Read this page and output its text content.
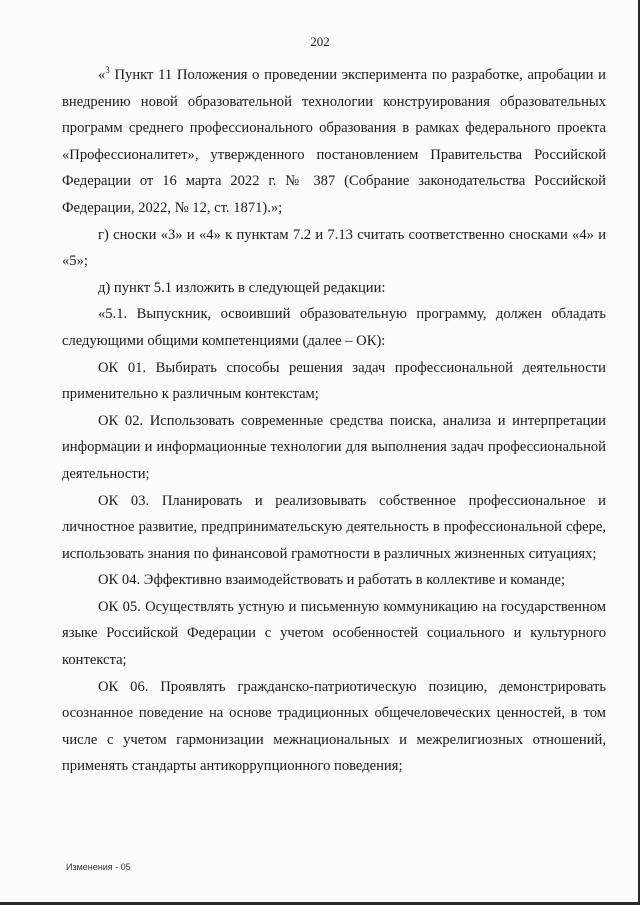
202

«$^3$ Пункт 11 Положения о проведении эксперимента по разработке, апробации и внедрению новой образовательной технологии конструирования образовательных программ среднего профессионального образования в рамках федерального проекта «Профессионалитет», утвержденного постановлением Правительства Российской Федерации от 16 марта 2022 г. № 387 (Собрание законодательства Российской Федерации, 2022, № 12, ст. 1871).»;

г) сноски «3» и «4» к пунктам 7.2 и 7.13 считать соответственно сносками «4» и «5»;

д) пункт 5.1 изложить в следующей редакции:

«5.1. Выпускник, освоивший образовательную программу, должен обладать следующими общими компетенциями (далее – ОК):

ОК 01. Выбирать способы решения задач профессиональной деятельности применительно к различным контекстам;

ОК 02. Использовать современные средства поиска, анализа и интерпретации информации и информационные технологии для выполнения задач профессиональной деятельности;

ОК 03. Планировать и реализовывать собственное профессиональное и личностное развитие, предпринимательскую деятельность в профессиональной сфере, использовать знания по финансовой грамотности в различных жизненных ситуациях;

ОК 04. Эффективно взаимодействовать и работать в коллективе и команде;

ОК 05. Осуществлять устную и письменную коммуникацию на государственном языке Российской Федерации с учетом особенностей социального и культурного контекста;

ОК 06. Проявлять гражданско-патриотическую позицию, демонстрировать осознанное поведение на основе традиционных общечеловеческих ценностей, в том числе с учетом гармонизации межнациональных и межрелигиозных отношений, применять стандарты антикоррупционного поведения;

Изменения - 05
